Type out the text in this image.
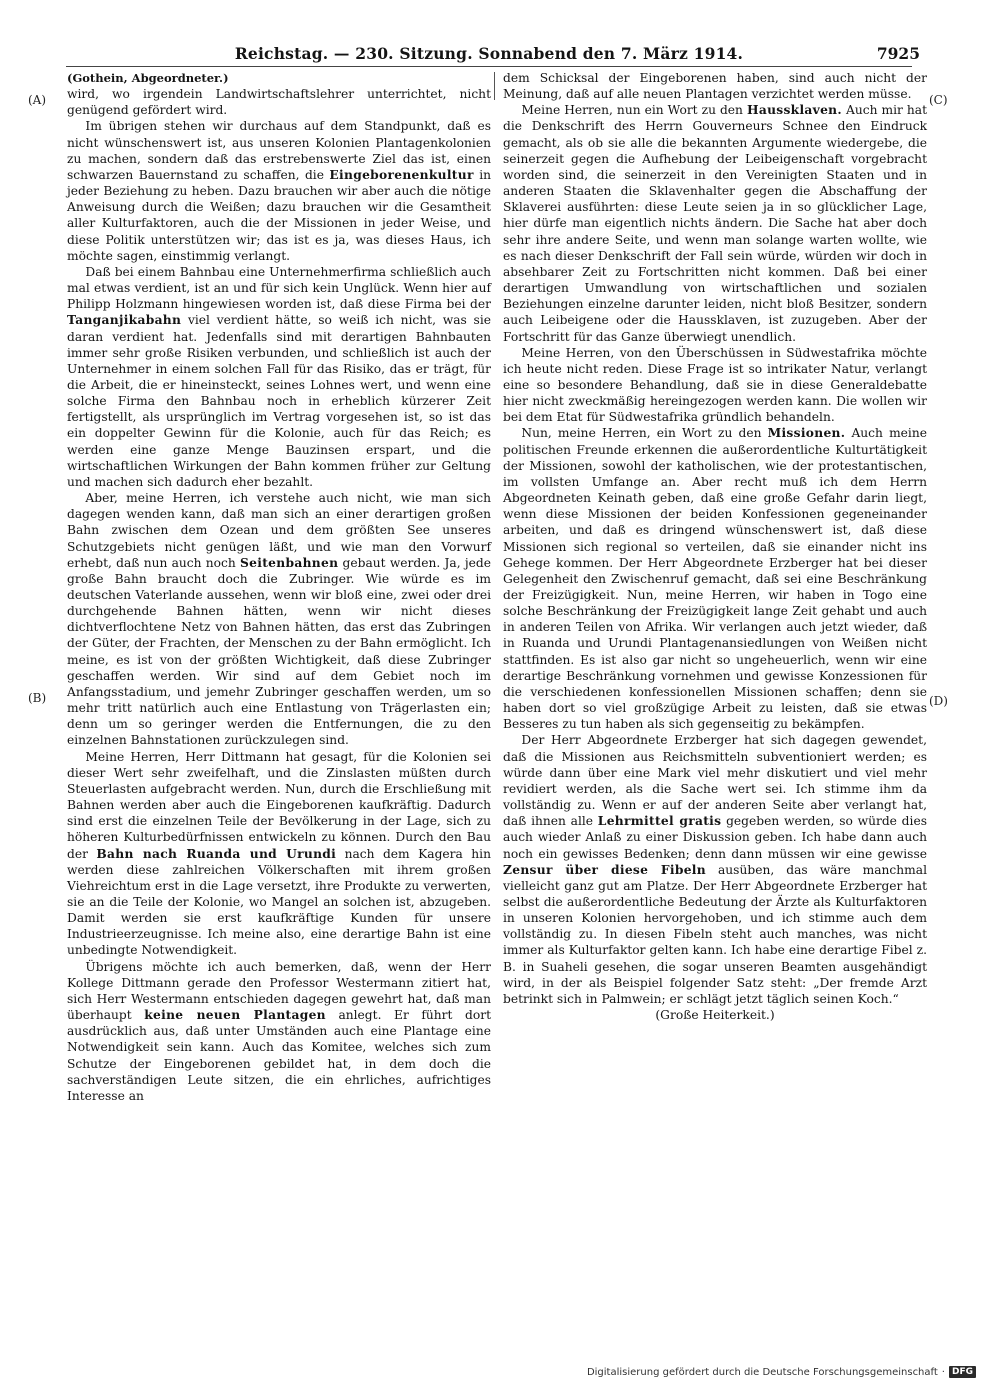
Reichstag. — 230. Sitzung. Sonnabend den 7. März 1914.	7925
(A)
(B)
(C)
(D)

(Gothein, Abgeordneter.)

wird, wo irgendein Landwirtschaftslehrer unterrichtet, nicht genügend gefördert wird.

Im übrigen stehen wir durchaus auf dem Standpunkt, daß es nicht wünschenswert ist, aus unseren Kolonien Plantagenkolonien zu machen, sondern daß das erstrebenswerte Ziel das ist, einen schwarzen Bauernstand zu schaffen, die Eingeborenenkultur in jeder Beziehung zu heben. Dazu brauchen wir aber auch die nötige Anweisung durch die Weißen; dazu brauchen wir die Gesamtheit aller Kulturfaktoren, auch die der Missionen in jeder Weise, und diese Politik unterstützen wir; das ist es ja, was dieses Haus, ich möchte sagen, einstimmig verlangt.

Daß bei einem Bahnbau eine Unternehmerfirma schließlich auch mal etwas verdient, ist an und für sich kein Unglück. Wenn hier auf Philipp Holzmann hingewiesen worden ist, daß diese Firma bei der Tanganjikabahn viel verdient hätte, so weiß ich nicht, was sie daran verdient hat. Jedenfalls sind mit derartigen Bahnbauten immer sehr große Risiken verbunden, und schließlich ist auch der Unternehmer in einem solchen Fall für das Risiko, das er trägt, für die Arbeit, die er hineinsteckt, seines Lohnes wert, und wenn eine solche Firma den Bahnbau noch in erheblich kürzerer Zeit fertigstellt, als ursprünglich im Vertrag vorgesehen ist, so ist das ein doppelter Gewinn für die Kolonie, auch für das Reich; es werden eine ganze Menge Bauzinsen erspart, und die wirtschaftlichen Wirkungen der Bahn kommen früher zur Geltung und machen sich dadurch eher bezahlt.

Aber, meine Herren, ich verstehe auch nicht, wie man sich dagegen wenden kann, daß man sich an einer derartigen großen Bahn zwischen dem Ozean und dem größten See unseres Schutzgebiets nicht genügen läßt, und wie man den Vorwurf erhebt, daß nun auch noch Seitenbahnen gebaut werden. Ja, jede große Bahn braucht doch die Zubringer. Wie würde es im deutschen Vaterlande aussehen, wenn wir bloß eine, zwei oder drei durchgehende Bahnen hätten, wenn wir nicht dieses dichtverflochtene Netz von Bahnen hätten, das erst das Zubringen der Güter, der Frachten, der Menschen zu der Bahn ermöglicht. Ich meine, es ist von der größten Wichtigkeit, daß diese Zubringer geschaffen werden. Wir sind auf dem Gebiet noch im Anfangsstadium, und jemehr Zubringer geschaffen werden, um so mehr tritt natürlich auch eine Entlastung von Trägerlasten ein; denn um so geringer werden die Entfernungen, die zu den einzelnen Bahnstationen zurückzulegen sind.

Meine Herren, Herr Dittmann hat gesagt, für die Kolonien sei dieser Wert sehr zweifelhaft, und die Zinslasten müßten durch Steuerlasten aufgebracht werden. Nun, durch die Erschließung mit Bahnen werden aber auch die Eingeborenen kaufkräftig. Dadurch sind erst die einzelnen Teile der Bevölkerung in der Lage, sich zu höheren Kulturbedürfnissen entwickeln zu können. Durch den Bau der Bahn nach Ruanda und Urundi nach dem Kagera hin werden diese zahlreichen Völkerschaften mit ihrem großen Viehreichtum erst in die Lage versetzt, ihre Produkte zu verwerten, sie an die Teile der Kolonie, wo Mangel an solchen ist, abzugeben. Damit werden sie erst kaufkräftige Kunden für unsere Industrieerzeugnisse. Ich meine also, eine derartige Bahn ist eine unbedingte Notwendigkeit.

Übrigens möchte ich auch bemerken, daß, wenn der Herr Kollege Dittmann gerade den Professor Westermann zitiert hat, sich Herr Westermann entschieden dagegen gewehrt hat, daß man überhaupt keine neuen Plantagen anlegt. Er führt dort ausdrücklich aus, daß unter Umständen auch eine Plantage eine Notwendigkeit sein kann. Auch das Komitee, welches sich zum Schutze der Eingeborenen gebildet hat, in dem doch die sachverständigen Leute sitzen, die ein ehrliches, aufrichtiges Interesse an

dem Schicksal der Eingeborenen haben, sind auch nicht der Meinung, daß auf alle neuen Plantagen verzichtet werden müsse.

Meine Herren, nun ein Wort zu den Haussklaven. Auch mir hat die Denkschrift des Herrn Gouverneurs Schnee den Eindruck gemacht, als ob sie alle die bekannten Argumente wiedergebe, die seinerzeit gegen die Aufhebung der Leibeigenschaft vorgebracht worden sind, die seinerzeit in den Vereinigten Staaten und in anderen Staaten die Sklavenhalter gegen die Abschaffung der Sklaverei ausführten: diese Leute seien ja in so glücklicher Lage, hier dürfe man eigentlich nichts ändern. Die Sache hat aber doch sehr ihre andere Seite, und wenn man solange warten wollte, wie es nach dieser Denkschrift der Fall sein würde, würden wir doch in absehbarer Zeit zu Fortschritten nicht kommen. Daß bei einer derartigen Umwandlung von wirtschaftlichen und sozialen Beziehungen einzelne darunter leiden, nicht bloß Besitzer, sondern auch Leibeigene oder die Haussklaven, ist zuzugeben. Aber der Fortschritt für das Ganze überwiegt unendlich.

Meine Herren, von den Überschüssen in Südwestafrika möchte ich heute nicht reden. Diese Frage ist so intrikater Natur, verlangt eine so besondere Behandlung, daß sie in diese Generaldebatte hier nicht zweckmäßig hereingezogen werden kann. Die wollen wir bei dem Etat für Südwestafrika gründlich behandeln.

Nun, meine Herren, ein Wort zu den Missionen. Auch meine politischen Freunde erkennen die außerordentliche Kulturtätigkeit der Missionen, sowohl der katholischen, wie der protestantischen, im vollsten Umfange an. Aber recht muß ich dem Herrn Abgeordneten Keinath geben, daß eine große Gefahr darin liegt, wenn diese Missionen der beiden Konfessionen gegeneinander arbeiten, und daß es dringend wünschenswert ist, daß diese Missionen sich regional so verteilen, daß sie einander nicht ins Gehege kommen. Der Herr Abgeordnete Erzberger hat bei dieser Gelegenheit den Zwischenruf gemacht, daß sei eine Beschränkung der Freizügigkeit. Nun, meine Herren, wir haben in Togo eine solche Beschränkung der Freizügigkeit lange Zeit gehabt und auch in anderen Teilen von Afrika. Wir verlangen auch jetzt wieder, daß in Ruanda und Urundi Plantagenansiedlungen von Weißen nicht stattfinden. Es ist also gar nicht so ungeheuerlich, wenn wir eine derartige Beschränkung vornehmen und gewisse Konzessionen für die verschiedenen konfessionellen Missionen schaffen; denn sie haben dort so viel großzügige Arbeit zu leisten, daß sie etwas Besseres zu tun haben als sich gegenseitig zu bekämpfen.

Der Herr Abgeordnete Erzberger hat sich dagegen gewendet, daß die Missionen aus Reichsmitteln subventioniert werden; es würde dann über eine Mark viel mehr diskutiert und viel mehr revidiert werden, als die Sache wert sei. Ich stimme ihm da vollständig zu. Wenn er auf der anderen Seite aber verlangt hat, daß ihnen alle Lehrmittel gratis gegeben werden, so würde dies auch wieder Anlaß zu einer Diskussion geben. Ich habe dann auch noch ein gewisses Bedenken; denn dann müssen wir eine gewisse Zensur über diese Fibeln ausüben, das wäre manchmal vielleicht ganz gut am Platze. Der Herr Abgeordnete Erzberger hat selbst die außerordentliche Bedeutung der Ärzte als Kulturfaktoren in unseren Kolonien hervorgehoben, und ich stimme auch dem vollständig zu. In diesen Fibeln steht auch manches, was nicht immer als Kulturfaktor gelten kann. Ich habe eine derartige Fibel z. B. in Suaheli gesehen, die sogar unseren Beamten ausgehändigt wird, in der als Beispiel folgender Satz steht: „Der fremde Arzt betrinkt sich in Palmwein; er schlägt jetzt täglich seinen Koch.“

(Große Heiterkeit.)

Digitalisierung gefördert durch die Deutsche Forschungsgemeinschaft · DFG
